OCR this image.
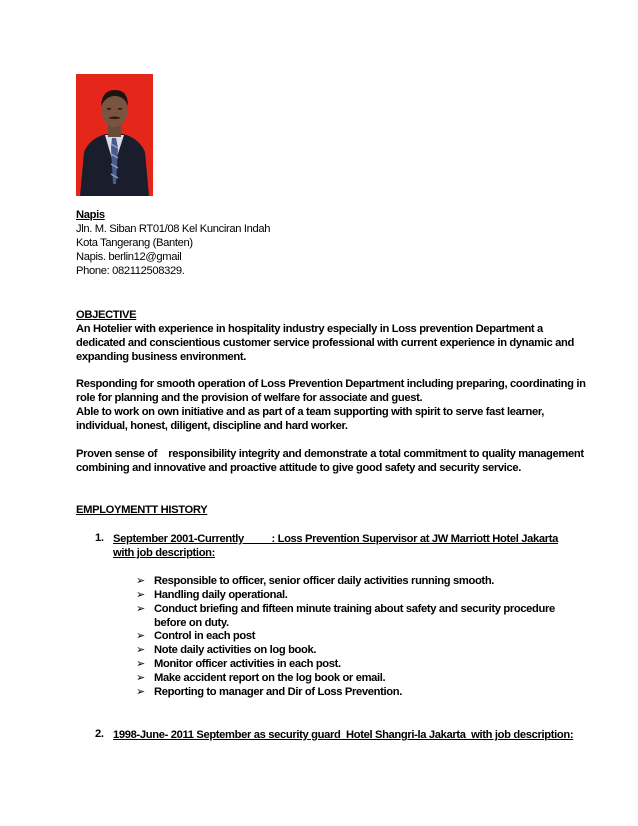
Napis
Jln. M. Siban RT01/08 Kel Kunciran Indah
Kota Tangerang (Banten)
Napis. berlin12@gmail
Phone: 082112508329.
OBJECTIVE
An Hotelier with experience in hospitality industry especially in Loss prevention Department a
dedicated and conscientious customer service professional with current experience in dynamic and
expanding business environment.
Responding for smooth operation of Loss Prevention Department including preparing, coordinating in
role for planning and the provision of welfare for associate and guest.
Able to work on own initiative and as part of a team supporting with spirit to serve fast learner,
individual, honest, diligent, discipline and hard worker.
Proven sense of    responsibility integrity and demonstrate a total commitment to quality management
combining and innovative and proactive attitude to give good safety and security service.
EMPLOYMENTT HISTORY
1. September 2001-Currently          : Loss Prevention Supervisor at JW Marriott Hotel Jakarta
with job description:
➢ Responsible to officer, senior officer daily activities running smooth.
➢ Handling daily operational.
➢ Conduct briefing and fifteen minute training about safety and security procedure
before on duty.
➢ Control in each post
➢ Note daily activities on log book.
➢ Monitor officer activities in each post.
➢ Make accident report on the log book or email.
➢ Reporting to manager and Dir of Loss Prevention.
2. 1998-June- 2011 September as security guard  Hotel Shangri-la Jakarta  with job description:
